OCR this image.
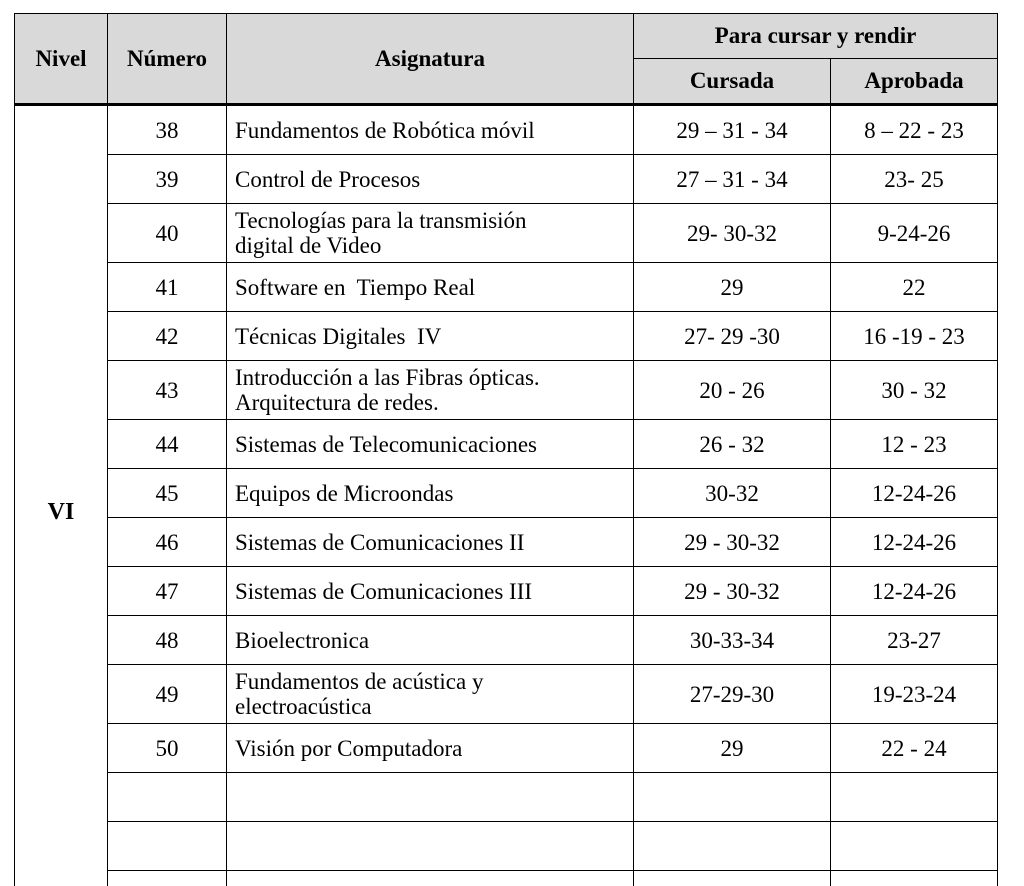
Nivel	Número	Asignatura	Para cursar y rendir	
			Cursada	Aprobada
VI	38	Fundamentos de Robótica móvil	29 – 31 - 34	8 – 22 - 23
	39	Control de Procesos	27 – 31 - 34	23- 25
	40	Tecnologías para la transmisión
digital de Video	29- 30-32	9-24-26
	41	Software en  Tiempo Real	29	22
	42	Técnicas Digitales  IV	27- 29 -30	16 -19 - 23
	43	Introducción a las Fibras ópticas.
Arquitectura de redes.	20 - 26	30 - 32
	44	Sistemas de Telecomunicaciones	26 - 32	12 - 23
	45	Equipos de Microondas	30-32	12-24-26
	46	Sistemas de Comunicaciones II	29 - 30-32	12-24-26
	47	Sistemas de Comunicaciones III	29 - 30-32	12-24-26
	48	Bioelectronica	30-33-34	23-27
	49	Fundamentos de acústica y
electroacústica	27-29-30	19-23-24
	50	Visión por Computadora	29	22 - 24
